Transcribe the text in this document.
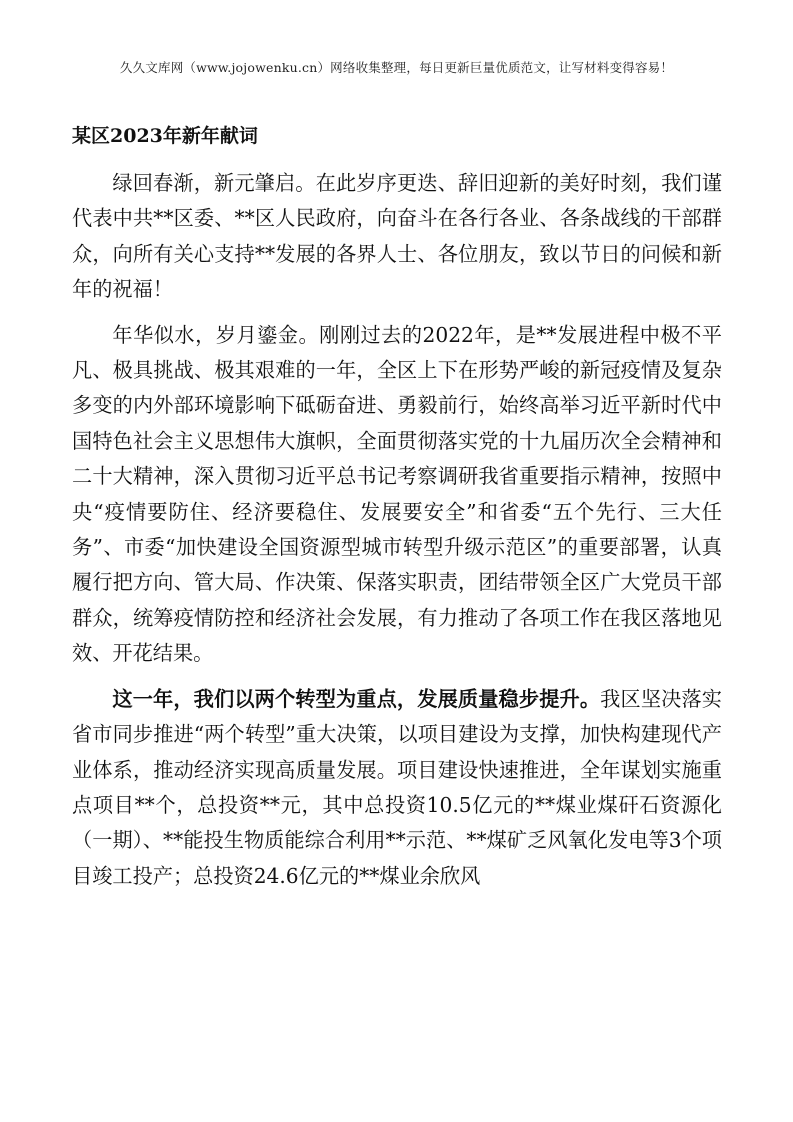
久久文库网（www.jojowenku.cn）网络收集整理，每日更新巨量优质范文，让写材料变得容易！
某区2023年新年献词

绿回春渐，新元肇启。在此岁序更迭、辞旧迎新的美好时刻，我们谨代表中共**区委、**区人民政府，向奋斗在各行各业、各条战线的干部群众，向所有关心支持**发展的各界人士、各位朋友，致以节日的问候和新年的祝福！

年华似水，岁月鎏金。刚刚过去的2022年，是**发展进程中极不平凡、极具挑战、极其艰难的一年，全区上下在形势严峻的新冠疫情及复杂多变的内外部环境影响下砥砺奋进、勇毅前行，始终高举习近平新时代中国特色社会主义思想伟大旗帜，全面贯彻落实党的十九届历次全会精神和二十大精神，深入贯彻习近平总书记考察调研我省重要指示精神，按照中央“疫情要防住、经济要稳住、发展要安全”和省委“五个先行、三大任务”、市委“加快建设全国资源型城市转型升级示范区”的重要部署，认真履行把方向、管大局、作决策、保落实职责，团结带领全区广大党员干部群众，统筹疫情防控和经济社会发展，有力推动了各项工作在我区落地见效、开花结果。

这一年，我们以两个转型为重点，发展质量稳步提升。我区坚决落实省市同步推进“两个转型”重大决策，以项目建设为支撑，加快构建现代产业体系，推动经济实现高质量发展。项目建设快速推进，全年谋划实施重点项目**个，总投资**元，其中总投资10.5亿元的**煤业煤矸石资源化（一期）、**能投生物质能综合利用**示范、**煤矿乏风氧化发电等3个项目竣工投产；总投资24.6亿元的**煤业余欣风
